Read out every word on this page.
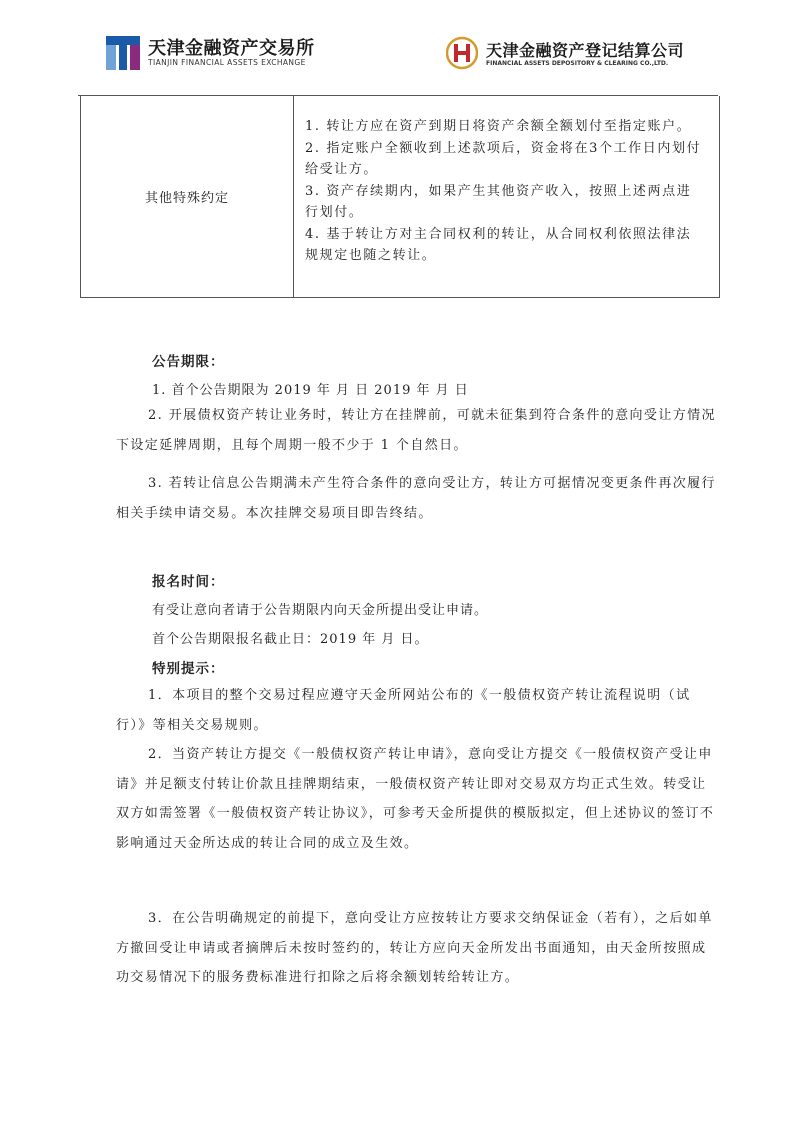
天津金融资产交易所
TIANJIN FINANCIAL ASSETS EXCHANGE
天津金融资产登记结算公司
FINANCIAL ASSETS DEPOSITORY & CLEARING CO.,LTD.
其他特殊约定
1. 转让方应在资产到期日将资产余额全额划付至指定账户。
2. 指定账户全额收到上述款项后，资金将在3个工作日内划付给受让方。
3. 资产存续期内，如果产生其他资产收入，按照上述两点进行划付。
4. 基于转让方对主合同权利的转让，从合同权利依照法律法规规定也随之转让。
公告期限：
1. 首个公告期限为 2019 年 月 日 2019 年 月 日
2. 开展债权资产转让业务时，转让方在挂牌前，可就未征集到符合条件的意向受让方情况下设定延牌周期，且每个周期一般不少于 1 个自然日。
3. 若转让信息公告期满未产生符合条件的意向受让方，转让方可据情况变更条件再次履行相关手续申请交易。本次挂牌交易项目即告终结。
报名时间：
有受让意向者请于公告期限内向天金所提出受让申请。
首个公告期限报名截止日：2019 年 月 日。
特别提示：
1．本项目的整个交易过程应遵守天金所网站公布的《一般债权资产转让流程说明（试行）》等相关交易规则。
2．当资产转让方提交《一般债权资产转让申请》，意向受让方提交《一般债权资产受让申请》并足额支付转让价款且挂牌期结束，一般债权资产转让即对交易双方均正式生效。转受让双方如需签署《一般债权资产转让协议》，可参考天金所提供的模版拟定，但上述协议的签订不影响通过天金所达成的转让合同的成立及生效。
3．在公告明确规定的前提下，意向受让方应按转让方要求交纳保证金（若有），之后如单方撤回受让申请或者摘牌后未按时签约的，转让方应向天金所发出书面通知，由天金所按照成功交易情况下的服务费标准进行扣除之后将余额划转给转让方。
